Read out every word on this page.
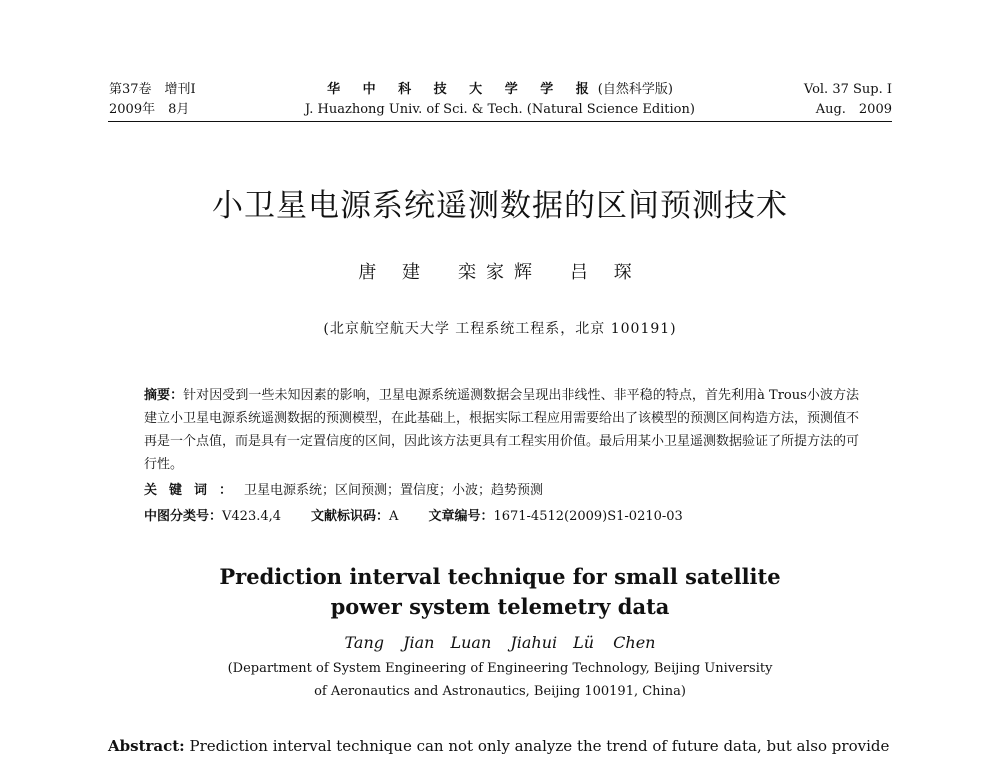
第37卷　增刊Ⅰ
2009年　8月
华 中 科 技 大 学 学 报(自然科学版)
J. Huazhong Univ. of Sci. & Tech. (Natural Science Edition)
Vol. 37 Sup. Ⅰ
Aug.　2009
小卫星电源系统遥测数据的区间预测技术
唐 建　栾家辉　吕 琛
(北京航空航天大学 工程系统工程系，北京 100191)
摘要：针对因受到一些未知因素的影响，卫星电源系统遥测数据会呈现出非线性、非平稳的特点，首先利用à Trous小波方法建立小卫星电源系统遥测数据的预测模型，在此基础上，根据实际工程应用需要给出了该模型的预测区间构造方法，预测值不再是一个点值，而是具有一定置信度的区间，因此该方法更具有工程实用价值。最后用某小卫星遥测数据验证了所提方法的可行性。
关键词：卫星电源系统；区间预测；置信度；小波；趋势预测
中图分类号：V423.4,4 文献标识码：A 文章编号：1671-4512(2009)S1-0210-03
Prediction interval technique for small satellite
power system telemetry data
Tang Jian　Luan Jiahui　Lü Chen
(Department of System Engineering of Engineering Technology, Beijing University
of Aeronautics and Astronautics, Beijing 100191, China)
Abstract: Prediction interval technique can not only analyze the trend of future data, but also provide
